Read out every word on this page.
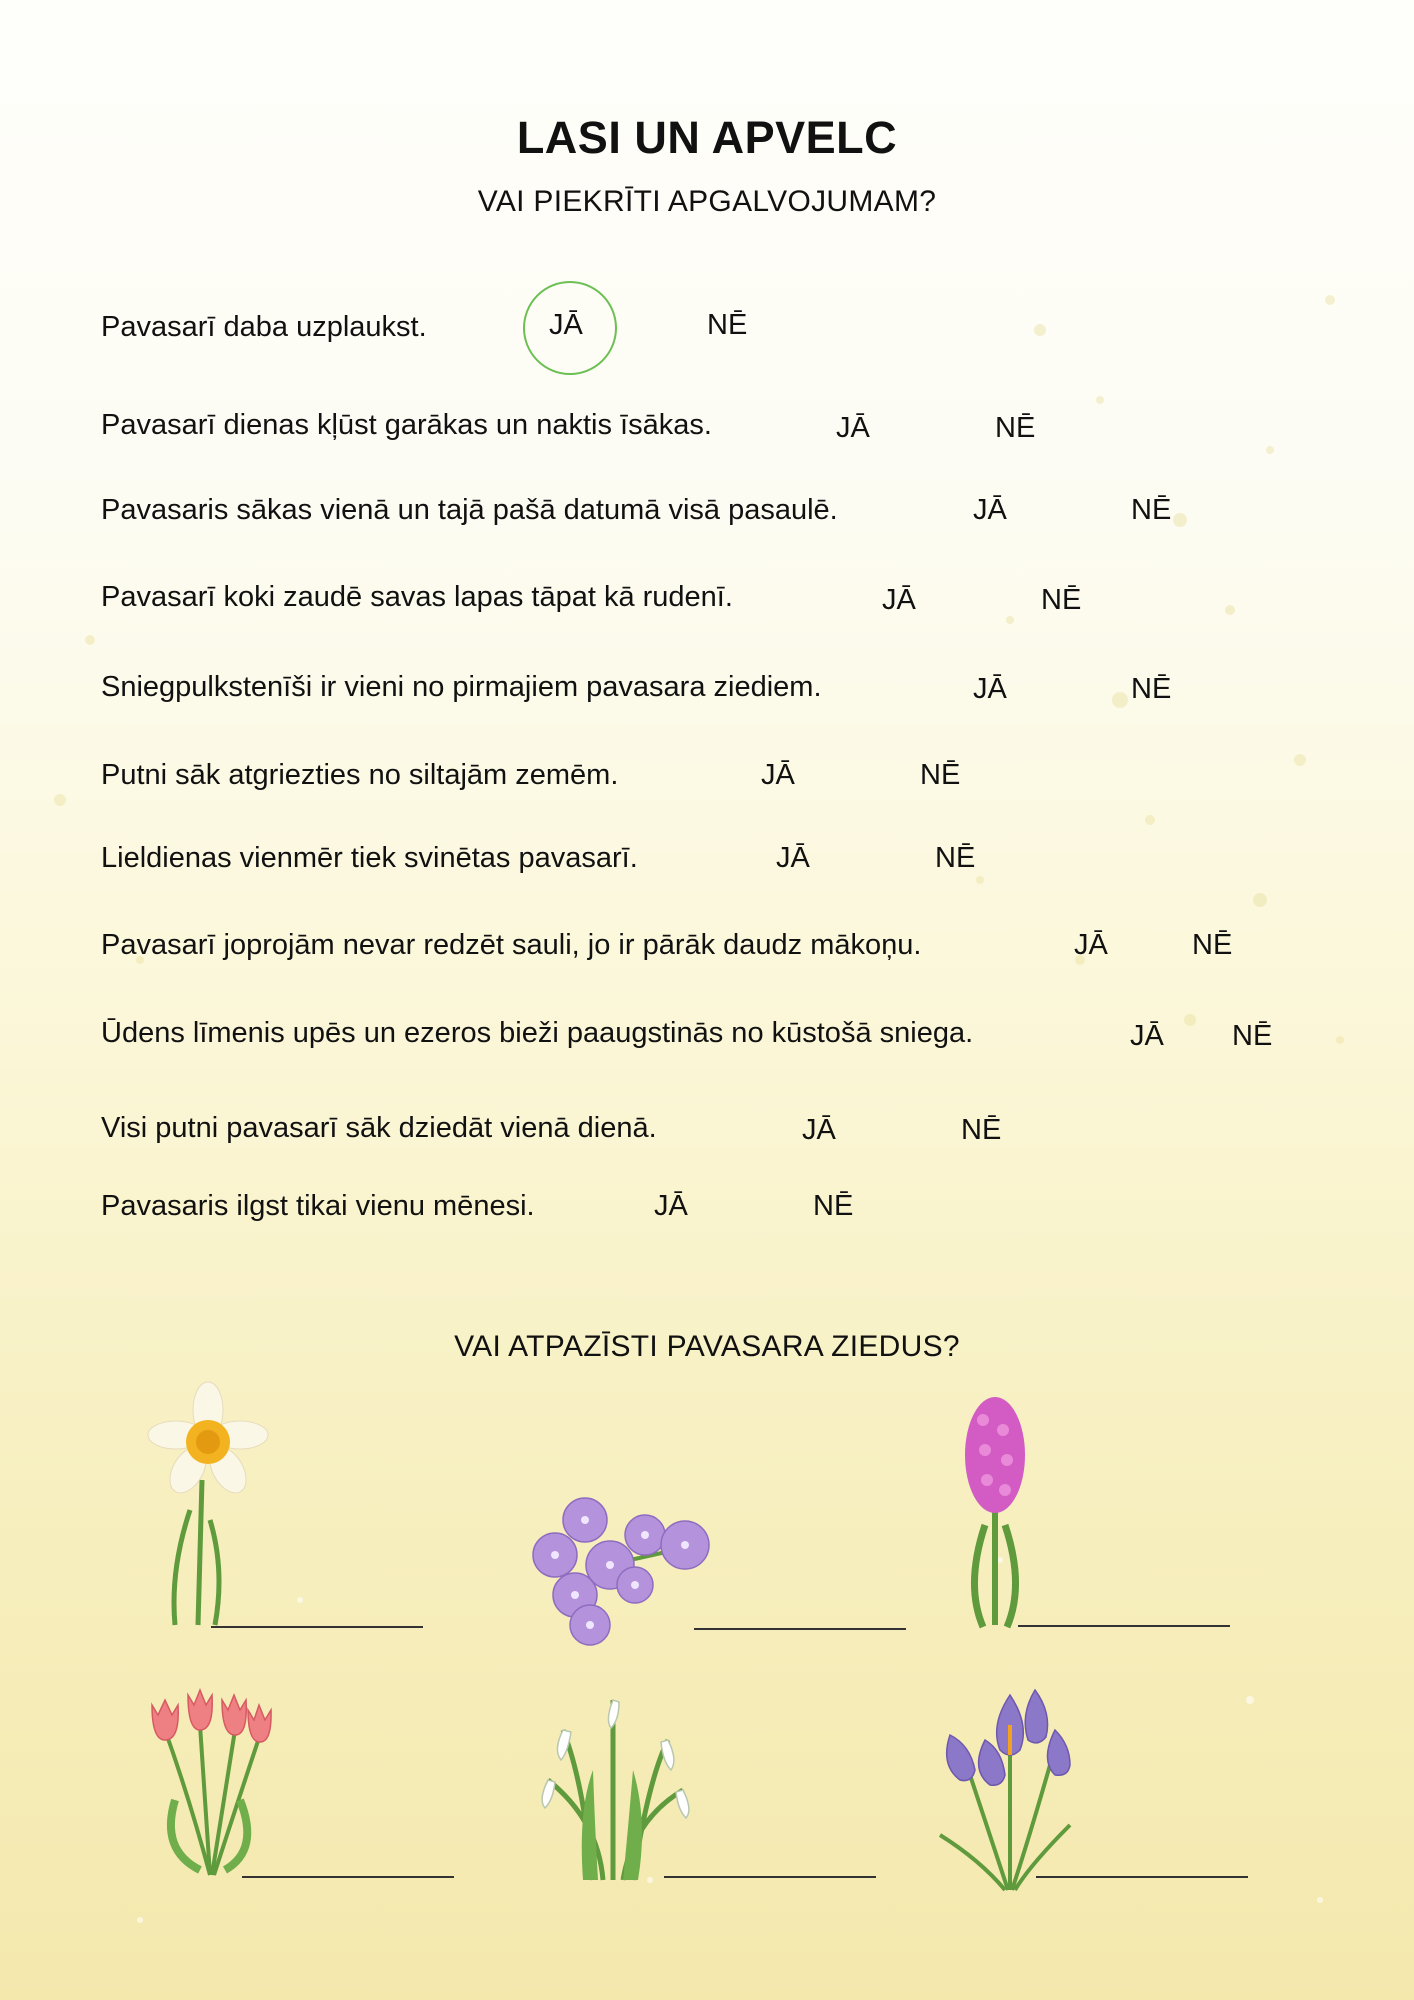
LASI UN APVELC
VAI PIEKRĪTI APGALVOJUMAM?
Pavasarī daba uzplaukst.	JĀ	NĒ
Pavasarī dienas kļūst garākas un naktis īsākas.	JĀ	NĒ
Pavasaris sākas vienā un tajā pašā datumā visā pasaulē.	JĀ	NĒ
Pavasarī koki zaudē savas lapas tāpat kā rudenī.	JĀ	NĒ
Sniegpulkstenīši ir vieni no pirmajiem pavasara ziediem.	JĀ	NĒ
Putni sāk atgriezties no siltajām zemēm.	JĀ	NĒ
Lieldienas vienmēr tiek svinētas pavasarī.	JĀ	NĒ
Pavasarī joprojām nevar redzēt sauli, jo ir pārāk daudz mākoņu.	JĀ	NĒ
Ūdens līmenis upēs un ezeros bieži paaugstinās no kūstošā sniega.	JĀ NĒ
Visi putni pavasarī sāk dziedāt vienā dienā.	JĀ	NĒ
Pavasaris ilgst tikai vienu mēnesi.	JĀ	NĒ
VAI ATPAZĪSTI PAVASARA ZIEDUS?
